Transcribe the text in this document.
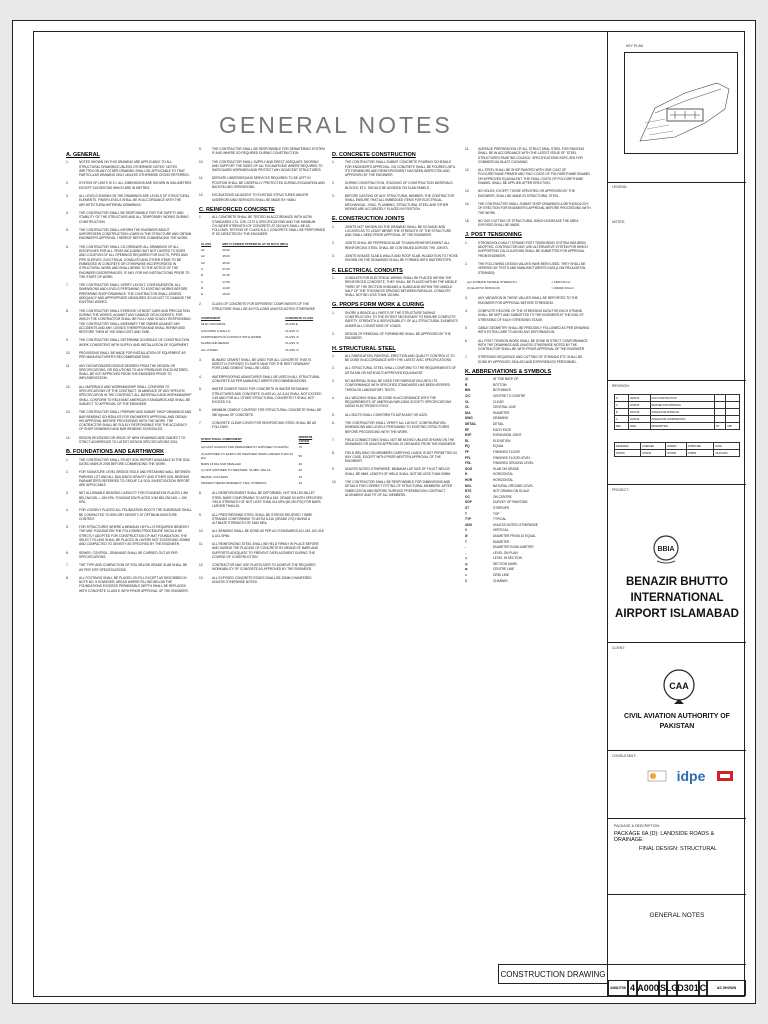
GENERAL NOTES
A. GENERAL
1.	NOTES SHOWN ON THIS DRAWING ARE APPLICABLE TO ALL STRUCTURAL DRAWINGS UNLESS OTHERWISE NOTED. NOTES WRITTEN ON ANY OTHER DRAWING SHALL BE APPLICABLE TO THAT PARTICULAR DRAWING ONLY UNLESS OTHERWISE CROSS REFERRED.
2.	SYSTEM OF UNITS IS S.I. ALL DIMENSIONS ARE SHOWN IN MILLIMETRES EXCEPT ELEVATIONS WHICH ARE IN METRES.
3.	ALL LEVELS SHOWN ON THE DRAWINGS ARE LEVELS OF STRUCTURAL ELEMENTS. FINISH LEVELS SHALL BE IN ACCORDANCE WITH THE ARCHITECTURAL/INTERNAL DRAWINGS.
4.	THE CONTRACTOR SHALL BE RESPONSIBLE FOR THE SAFETY AND STABILITY OF THE STRUCTURE AND ALL TEMPORARY WORKS DURING CONSTRUCTION.
5.	THE CONTRACTOR SHALL INFORM THE ENGINEER ABOUT UNFORESEEN CONSTRUCTION LOADS IN THE STRUCTURE AND OBTAIN ENGINEER'S APPROVAL THEREOF BEFORE COMMENCING THE WORK.
6.	THE CONTRACTOR SHALL CO-ORDINATE ALL DRAWINGS OF ALL DISCIPLINES FOR ALL ITEMS INCLUDING BUT NOT LIMITED TO SIZES AND LOCATION OF ALL OPENINGS REQUIRED FOR DUCTS, PIPES AND PIPE SLEEVES, ELECTRICAL CONDUITS AND OTHER ITEMS TO BE EMBEDDED IN CONCRETE OR OTHERWISE INCORPORATED IN STRUCTURAL WORK AND SHALL BRING TO THE NOTICE OF THE ENGINEER DISCREPANCIES, IF ANY, FOR HIS INSTRUCTIONS PRIOR TO THE START OF WORK.
7.	THE CONTRACTOR SHALL VERIFY LAYOUT, CONFIGURATION, ALL DIMENSIONS AND LEVELS PERTAINING TO EXISTING WORKS BEFORE PREPARING SHOP DRAWINGS. THE CONTRACTOR SHALL ASSESS ADEQUACY AND APPROPRIATE MEASURES SO AS NOT TO DAMAGE THE EXISTING WORKS.
8.	THE CONTRACTOR SHALL EXERCISE UTMOST CARE AND PRECAUTION DURING THE WORKS, AGAINST ANY DAMAGE OR ACCIDENTS, FOR WHICH THE CONTRACTOR SHALL BE FULLY AND SOLELY RESPONSIBLE. THE CONTRACTOR SHALL INDEMNIFY THE OWNER AGAINST ANY ACCIDENTS AND ANY LOSSES THEREFROM AND SHALL REPAIR AND RESTORE THEM AT HIS OWN COST AND TIME.
9.	THE CONTRACTOR SHALL DETERMINE SCHEDULE OF CONSTRUCTION WORK CONSISTENT WITH SUPPLY AND INSTALLATION OF EQUIPMENT.
10.	PROVISIONS SHALL BE MADE FOR INSTALLATION OF EQUIPMENT AS PER MANUFACTURER'S RECOMMENDATIONS.
11.	ANY DEVIATIONS/REVISIONS DESIRED FROM THE DESIGN OR SPECIFICATIONS, OR SOLUTIONS TO ANY PROBLEMS ENCOUNTERED, SHALL BE GOT APPROVED FROM THE ENGINEER PRIOR TO IMPLEMENTATION.
12.	ALL MATERIALS AND WORKMANSHIP SHALL CONFORM TO SPECIFICATIONS OF THE CONTRACT. IN ABSENCE OF ANY SPECIFIC SPECIFICATION IN THE CONTRACT, ALL MATERIALS AND WORKMANSHIP SHALL CONFORM TO RELEVANT AMERICAN STANDARDS AND SHALL BE SUBJECT TO APPROVAL OF THE ENGINEER.
13.	THE CONTRACTOR SHALL PREPARE AND SUBMIT SHOP DRAWINGS AND BAR BENDING SCHEDULES FOR ENGINEER'S APPROVAL AND OBTAIN HIS APPROVAL BEFORE PROCEEDING WITH THE WORK. THE CONTRACTOR SHALL BE SOLELY RESPONSIBLE FOR THE ACCURACY OF SHOP DRAWINGS AND BAR BENDING SCHEDULES.
14.	DESIGN REVISIONS OR ISSUE OF NEW DRAWINGS ARE SUBJECT TO STRICT ADHERENCE TO LATEST DESIGN SPECIFICATIONS 2001.
B. FOUNDATIONS AND EARTHWORK
1.	THE CONTRACTOR SHALL STUDY SOIL REPORT AVAILABLE IN THE SOIL DATED MARCH 2005 BEFORE COMMENCING THE WORK.
2.	FOR SIGNATURE LEVEL BRIDGE ISOLE AND RETAINING WALL BETWEEN PARKING LOT AND ALL BUILDINGS GRAVITY AND OTHER SOIL BEARING PARAMETERS REFERRED TO GROUP 2 & SOIL INVESTIGATION REPORT ARE APPLICABLE.
3.	NET ALLOWABLE BEARING CAPACITY FOR FOUNDATION PLACED 1.5M BELOW NGL = 150 KPA. FOUNDATION PLACED 3.0M BELOW NGL = 190 KPA.
4.	FOR LOOSELY PLACED ALL FOUNDATION ROOTS THE SUBGRADE SHALL BE COMPACTED TO 95% DRY DENSITY AT OPTIMUM MOISTURE CONTENT.
5.	FOR STRUCTURES WHERE A MINIMUM 1M FILL IS REQUIRED BENEATH THE MAT FOUNDATION THE FOLLOWING PROCEDURE SHOULD BE STRICTLY ADOPTED FOR CONSTRUCTION OF MAT FOUNDATION. THE SELECT FILLING SHALL BE PLACED IN LAYERS NOT EXCEEDING 200MM AND COMPACTED TO DENSITY AS SPECIFIED BY THE ENGINEER.
6.	SEWER, CONTROL, DRAINAGE SHALL BE CARRIED OUT AS PER SPECIFICATIONS.
7.	THE TYPE AND COMPACTION OF SOIL BELOW GRADE SLAB SHALL BE AS PER SITE SPECIFICATIONS.
8.	ALL FOOTINGS SHALL BE PLACED ON FILL EXCEPT AS DESCRIBED IN NOTE NO. 5 HOWEVER, AREAS WHERE FILLING BELOW THE FOUNDATIONS EXCEEDS PERMISSIBLE DEPTH SHALL BE REPLACED WITH CONCRETE CLASS E WITH PRIOR APPROVAL OF THE ENGINEER.
9.	THE CONTRACTOR SHALL BE RESPONSIBLE FOR DEWATERING SYSTEM IF AND WHERE SO REQUIRED DURING CONSTRUCTION.
10.	THE CONTRACTOR SHALL SUPPLY AND ERECT ADEQUATE SHORING AND SUPPORT THE SIDES OF ALL EXCAVATIONS WHERE REQUIRED TO SAFEGUARD WORKMEN AND PROTECT ANY ADJACENT STRUCTURES.
11.	DEFINITE UNDERGROUND SERVICES REQUIRED TO BE LEFT IN POSITION SHALL BE CAREFULLY PROTECTED DURING EXCAVATION AND BACKFILLING OPERATIONS.
12.	EXCAVATIONS ADJACENT TO EXISTING STRUCTURES AND/OR UNDERGROUND SERVICES SHALL BE MADE BY HAND.
C. REINFORCED CONCRETE
1.	ALL CONCRETE SHALL BE TESTED IN ACCORDANCE WITH ASTM STANDARDS C31, C39, C172 & SPECIFICATIONS AND THE MINIMUM CYLINDER STRENGTH OF CONCRETE AT 28 DAYS SHALL BE AS FOLLOWS. TESTING OF CLASS B & C CONCRETE SHALL BE PERFORMED IF SO DIRECTED BY THE ENGINEER.
CLASS	MIN CYLINDER STRENGTH AT 28 DAYS (MPa)
A1	40.00
A2	35.00
A3	30.00
A	27.00
B	21.00
C	17.00
D	14.00
E	10.00
2.	CLASS OF CONCRETE FOR DIFFERENT COMPONENTS OF THE STRUCTURE SHALL BE AS FOLLOWS UNLESS NOTED OTHERWISE.
COMPONENT	CONCRETE CLASS
MUD CONCRETE	CLASS E
COLUMNS & WALLS	CLASS 'A'
COMPONENTS IN CONTACT WITH WATER	CLASS 'A'
SLABS AND BEAMS	CLASS 'A'
ALL OTHER	CLASS 'A'
3.	BLINDED CEMENT SHALL BE USED FOR ALL CONCRETE THAT IS DIRECTLY EXPOSED TO EARTH AND FOR THE REST ORDINARY PORTLAND CEMENT SHALL BE USED.
4.	WATERPROOFING ADMIXTURES SHALL BE USED IN ALL STRUCTURAL CONCRETE AS PER MANUFACTURER'S RECOMMENDATIONS.
5.	WATER CEMENT RATIO FOR CONCRETE IN WATER RETAINING STRUCTURES AND CONCRETE CLASS A1, A2 & A3 SHALL NOT EXCEED 0.45 AND FOR ALL OTHER STRUCTURAL CONCRETE IT SHALL NOT EXCEED 0.5.
6.	MINIMUM CEMENT CONTENT FOR STRUCTURAL CONCRETE SHALL BE 350 Kg/cum OF CONCRETE.
7.	CONCRETE CLEAR COVER FOR REINFORCING STEEL SHALL BE AS FOLLOWS:
STRUCTURAL COMPONENT	MINIMUM COVER
(a) CAST AGAINST AND PERMANENTLY EXPOSED TO EARTH	75
(b) EXPOSED TO EARTH OR WEATHER: BARS LARGER THAN 16 DIA	50
BARS 16 DIA AND SMALLER	40
(c) NOT EXPOSED TO WEATHER: SLABS, WALLS	20
BEAMS, COLUMNS	40
PRIMARY REINFORCEMENT, TIES, STIRRUPS	40
8.	ALL REINFORCEMENT SHALL BE DEFORMED, HOT ROLLED BILLET STEEL BARS CONFORMING TO ASTM A 615. GRADE 60 WITH SPECIFIED YIELD STRENGTH OF NOT LESS THAN 414 MPa (60,000 PSI) FOR BARS LARGER THAN #3.
9.	ALL PRESTRESSING STEEL SHALL BE STRESS RELIEVED 7 WIRE STRANDS CONFORMING TO ASTM A 416 (GRADE 270) HAVING A ULTIMATE STRENGTH OF 1860 MPa.
10.	ALL BENDING SHALL BE DONE AS PER ACI STANDARDS ACI-315, ACI-318 & ACI-SP66.
11.	ALL REINFORCING STEEL SHALL BE HELD FIRMLY IN PLACE BEFORE AND DURING THE PLACING OF CONCRETE BY MEANS OF BARS AND SUPPORTS ADEQUATE TO PREVENT DISPLACEMENT DURING THE COURSE OF CONSTRUCTION.
12.	CONTRACTOR MAY USE PLASTICIZER TO ACHIEVE THE REQUIRED WORKABILITY OF CONCRETE AS APPROVED BY THE ENGINEER.
13.	ALL EXPOSED CONCRETE EDGES SHALL BE 20MM CHAMFERED UNLESS OTHERWISE NOTED.
D. CONCRETE CONSTRUCTION
1.	THE CONTRACTOR SHALL SUBMIT CONCRETE POURING SCHEDULE FOR ENGINEER'S APPROVAL. NO CONCRETE SHALL BE POURED UNTIL ITS FORMWORK AND REINFORCEMENT HAS BEEN INSPECTED AND APPROVED BY THE ENGINEER.
2.	DURING CONSTRUCTION, STACKING OF CONSTRUCTION MATERIALS, BLOCKS, ETC. SHOULD BE AVOIDED ON SLAB PANELS.
3.	BEFORE CASTING OF ANY STRUCTURAL MEMBER, THE CONTRACTOR SHALL ENSURE THAT ALL EMBEDDED ITEMS FOR ELECTRICAL, MECHANICAL, HVAC, PLUMBING, STRUCTURAL STEEL AND OTHER WORKS ARE ACCURATELY PLACED IN POSITION.
E. CONSTRUCTION JOINTS
1.	JOINTS NOT SHOWN ON THE DRAWING SHALL BE SO MADE AND LOCATED AS TO LEAST IMPAIR THE STRENGTH OF THE STRUCTURE AND SHALL NEED PRIOR APPROVAL OF THE ENGINEER.
2.	JOINTS SHALL BE PERPENDICULAR TO MAIN REINFORCEMENT. ALL REINFORCING STEEL SHALL BE CONTINUED ACROSS THE JOINTS.
3.	JOINTS IN BASE SLAB & WALLS AND ROOF SLAB, IN ADDITION TO THOSE SHOWN ON THE DRAWINGS SHALL BE FORMED WITH WATERSTOPS.
F. ELECTRICAL CONDUITS
1.	CONDUITS FOR ELECTRICAL WIRING SHALL BE PLACED WITHIN THE REINFORCED CONCRETE, THEY SHALL BE PLACED WITHIN THE MIDDLE THIRD OF THE SECTION IN BEAMS & SLABS AND WITHIN THE MIDDLE HALF OF THE THICKNESS SPACING BETWEEN PARALLEL CONDUITS SHALL NOT BE LESS THAN 100 MM.
G. PROPS FORM WORK & CURING
1.	SHORE & BRACE ALL PARTS OF THE STRUCTURE DURING CONSTRUCTION, TO THE EXTENT NECESSARY TO ENSURE COMPLETE SAFETY, STRENGTH & SERVICEABILITY OF ALL STRUCTURAL ELEMENTS UNDER ALL CONDITIONS OF LOADS.
2.	DESIGN OF REMOVAL OF FORMWORK SHALL BE APPROVED BY THE ENGINEER.
H. STRUCTURAL STEEL
1.	ALL FABRICATION, PAINTING, ERECTION AND QUALITY CONTROL IS TO BE DONE IN ACCORDANCE WITH THE LATEST AISC SPECIFICATIONS.
2.	ALL STRUCTURAL STEEL SHALL CONFORM TO THE REQUIREMENTS OF ASTM A36 OR ASTM A572 APPROVED EQUIVALENT.
3.	NO MATERIAL SHALL BE USED FOR FABRICATION UNTIL ITS CONFORMANCE WITH SPECIFIED STANDARDS HAS BEEN VERIFIED THROUGH LABORATORY TESTS.
4.	ALL WELDING SHALL BE DONE IN ACCORDANCE WITH THE REQUIREMENTS OF AMERICAN WELDING SOCIETY SPECIFICATIONS USING ELECTRODES E70XX.
5.	ALL BOLTS SHALL CONFORM TO ASTM A307 OR A325.
6.	THE CONTRACTOR SHALL VERIFY ALL LAYOUT, CONFIGURATION, DIMENSIONS AND LEVELS PERTAINING TO EXISTING STRUCTURES BEFORE PROCEEDING WITH THE WORK.
7.	FIELD CONNECTIONS SHALL NOT BE MOVED UNLESS SHOWN ON THE DRAWINGS OR UNLESS APPROVAL IS OBTAINED FROM THE ENGINEER.
8.	FIELD WELDING ON MEMBERS CARRYING LOADS IS NOT PERMITTED IN ANY CASE, EXCEPT WITH PRIOR WRITTEN APPROVAL OF THE ENGINEER.
9.	UNLESS NOTED OTHERWISE, MINIMUM LAP SIZE OF FILLET WELDS SHALL BE 6MM, LENGTH OF WELD SHALL NOT BE LESS THAN 50MM.
10.	THE CONTRACTOR SHALL BE RESPONSIBLE FOR DIMENSIONS AND DETAILS FOR CORRECT FITTING OF STRUCTURAL MEMBERS. AFTER FABRICATION AND BEFORE SURFACE PREPARATION CONTRACT ALIGNMENT AND FIT OF ALL MEMBERS.
11.	SURFACE PREPARATION OF ALL STRUCTURAL STEEL FOR PAINTING SHALL BE IN ACCORDANCE WITH THE LATEST ISSUE OF 'STEEL STRUCTURES PAINTING COUNCIL' SPECIFICATIONS SSPC-SP6 FOR COMMERCIAL BLAST CLEANING.
12.	ALL STEEL SHALL BE SHOP PAINTED WITH ONE COAT OF POLYURETHANE PRIMER AND TWO COATS OF POLYURETHANE ENAMEL OR APPROVED EQUIVALENT. THE FINAL COATS OF POLYURETHANE ENAMEL SHALL BE APPLIED AFTER ERECTION.
13.	NO HOLES, EXCEPT THOSE SPECIFIED OR APPROVED BY THE ENGINEER, SHALL BE MADE IN STRUCTURAL STEEL.
14.	THE CONTRACTOR SHALL SUBMIT SHOP DRAWINGS & METHODOLOGY OF ERECTION FOR ENGINEER'S APPROVAL BEFORE PROCEEDING WITH THE WORK.
15.	NO GAS CUTTING OF STRUCTURAL WHICH INCREASE THE AREA EXPOSED SHALL BE MADE.
J. POST TENSIONING
1.	STRONGHOLD MULTI STRAND POST TENSIONING SYSTEM HAS BEEN ADOPTED. CONTRACTOR MAY USE ALTERNATIVE SYSTEM FOR WHICH SUPPORTING CALCULATIONS SHALL BE SUBMITTED FOR APPROVAL FROM ENGINEER.
2.	THE FOLLOWING DESIGN VALUES HAVE BEEN USED. THEY SHALL BE VERIFIED BY TESTS AND MANUFACTURER'S DATA (LOW RELAXATION STRANDS):
(a) ULTIMATE TENSILE STRENGTH	= 1860 N/mm²
(b) ELASTIC MODULUS	= 200000 N/mm²
3.	ANY VARIATION IN THESE VALUES SHALL BE REPORTED TO THE ENGINEER FOR APPROVAL BEFORE STRESSING.
4.	COMPLETE RECORD OF THE STRESSING DATA FOR EACH STRAND SHALL BE KEPT AND SUBMITTED TO THE ENGINEER AT THE END OF STRESSING OF EACH STRESSING STAGE.
5.	CABLE GEOMETRY SHALL BE PRECISELY FOLLOWED AS PER DRAWING WITH EXTRA CARE TO AVOID ANY DEFORMATION.
6.	ALL POST-TENSION WORK SHALL BE DONE IN STRICT CONFORMANCE WITH THE DRAWINGS AND UNLESS OTHERWISE NOTED BY THE CONTRACTOR SHALL BE WITH PRIOR APPROVAL OF THE ENGINEER.
7.	STRESSING SEQUENCE AND CUTTING OF STRANDS ETC SHALL BE DONE BY APPROVED SKILLED AND EXPERIENCED PERSONNEL.
K. ABBREVIATIONS & SYMBOLS
@	AT THE RATE OF
B	BOTTOM
BW	BOTHWAYS
C/C	CENTRE TO CENTRE
CL	CLEAR
CL	CENTRAL LINE
DIA	DIAMETER
DWG	DRAWING
DETAIL	DETAIL
EF	EACH FACE
EXP	EXPANSION JOINT
EL	ELEVATION
EQ	EQUAL
FF	FINISHED FLOOR
FFL	FINISHED FLOOR LEVEL
FGL	FINISHED GROUND LEVEL
SOG	SLAB ON GRADE
H	HORIZONTAL
HOR	HORIZONTAL
NGL	NATURAL GROUND LEVEL
NTS	NOT DRAWN ON SCALE
OC	ON CENTRE
SOP	SURVEY OF PAKISTAN
ST	STIRRUPS
T	TOP
TYP	TYPICAL
UNO	UNLESS NOTED OTHERWISE
V	VERTICAL
Ø	DIAMETER FROM 10 EQUAL
T	DIAMETER
-	DIAMETER IN MILLIMETER
-	LEVEL ON PLAN
◇	LEVEL IN SECTION
◎	SECTION MARK
⊕	CENTRE LINE
=	GRID LINE
C	CHANNEL
CONSTRUCTION DRAWING
KEY PLAN
LEGEND:
NOTES:
REVISION:
D	25/09/15	FOR CONSTRUCTION		
C	20/08/15	REVISED FOR APPROVAL		
B	15/07/15	ISSUED FOR APPROVAL		
A	22/06/15	ISSUED FOR COORDINATION		
REV	DATE	DESCRIPTION	BY	APP
DESIGNED	CHECKED	DRAWN	APPROVED	DATE
NTDPM	NTDPM	NTDPM	NTDPM	25.09.2015
PROJECT:
BBIA
BENAZIR BHUTTO INTERNATIONAL AIRPORT ISLAMABAD
CLIENT:
CAA
CIVIL AVIATION AUTHORITY OF PAKISTAN
CONSULTANT:
idpe
PACKAGE & DESCRIPTION:
PACKAGE 6A (D): LANDSIDE ROADS & DRAINAGE
FINAL DESIGN: STRUCTURAL
GENERAL NOTES
4368JT08 4 A000 S LG D301 C	AS SHOWN
